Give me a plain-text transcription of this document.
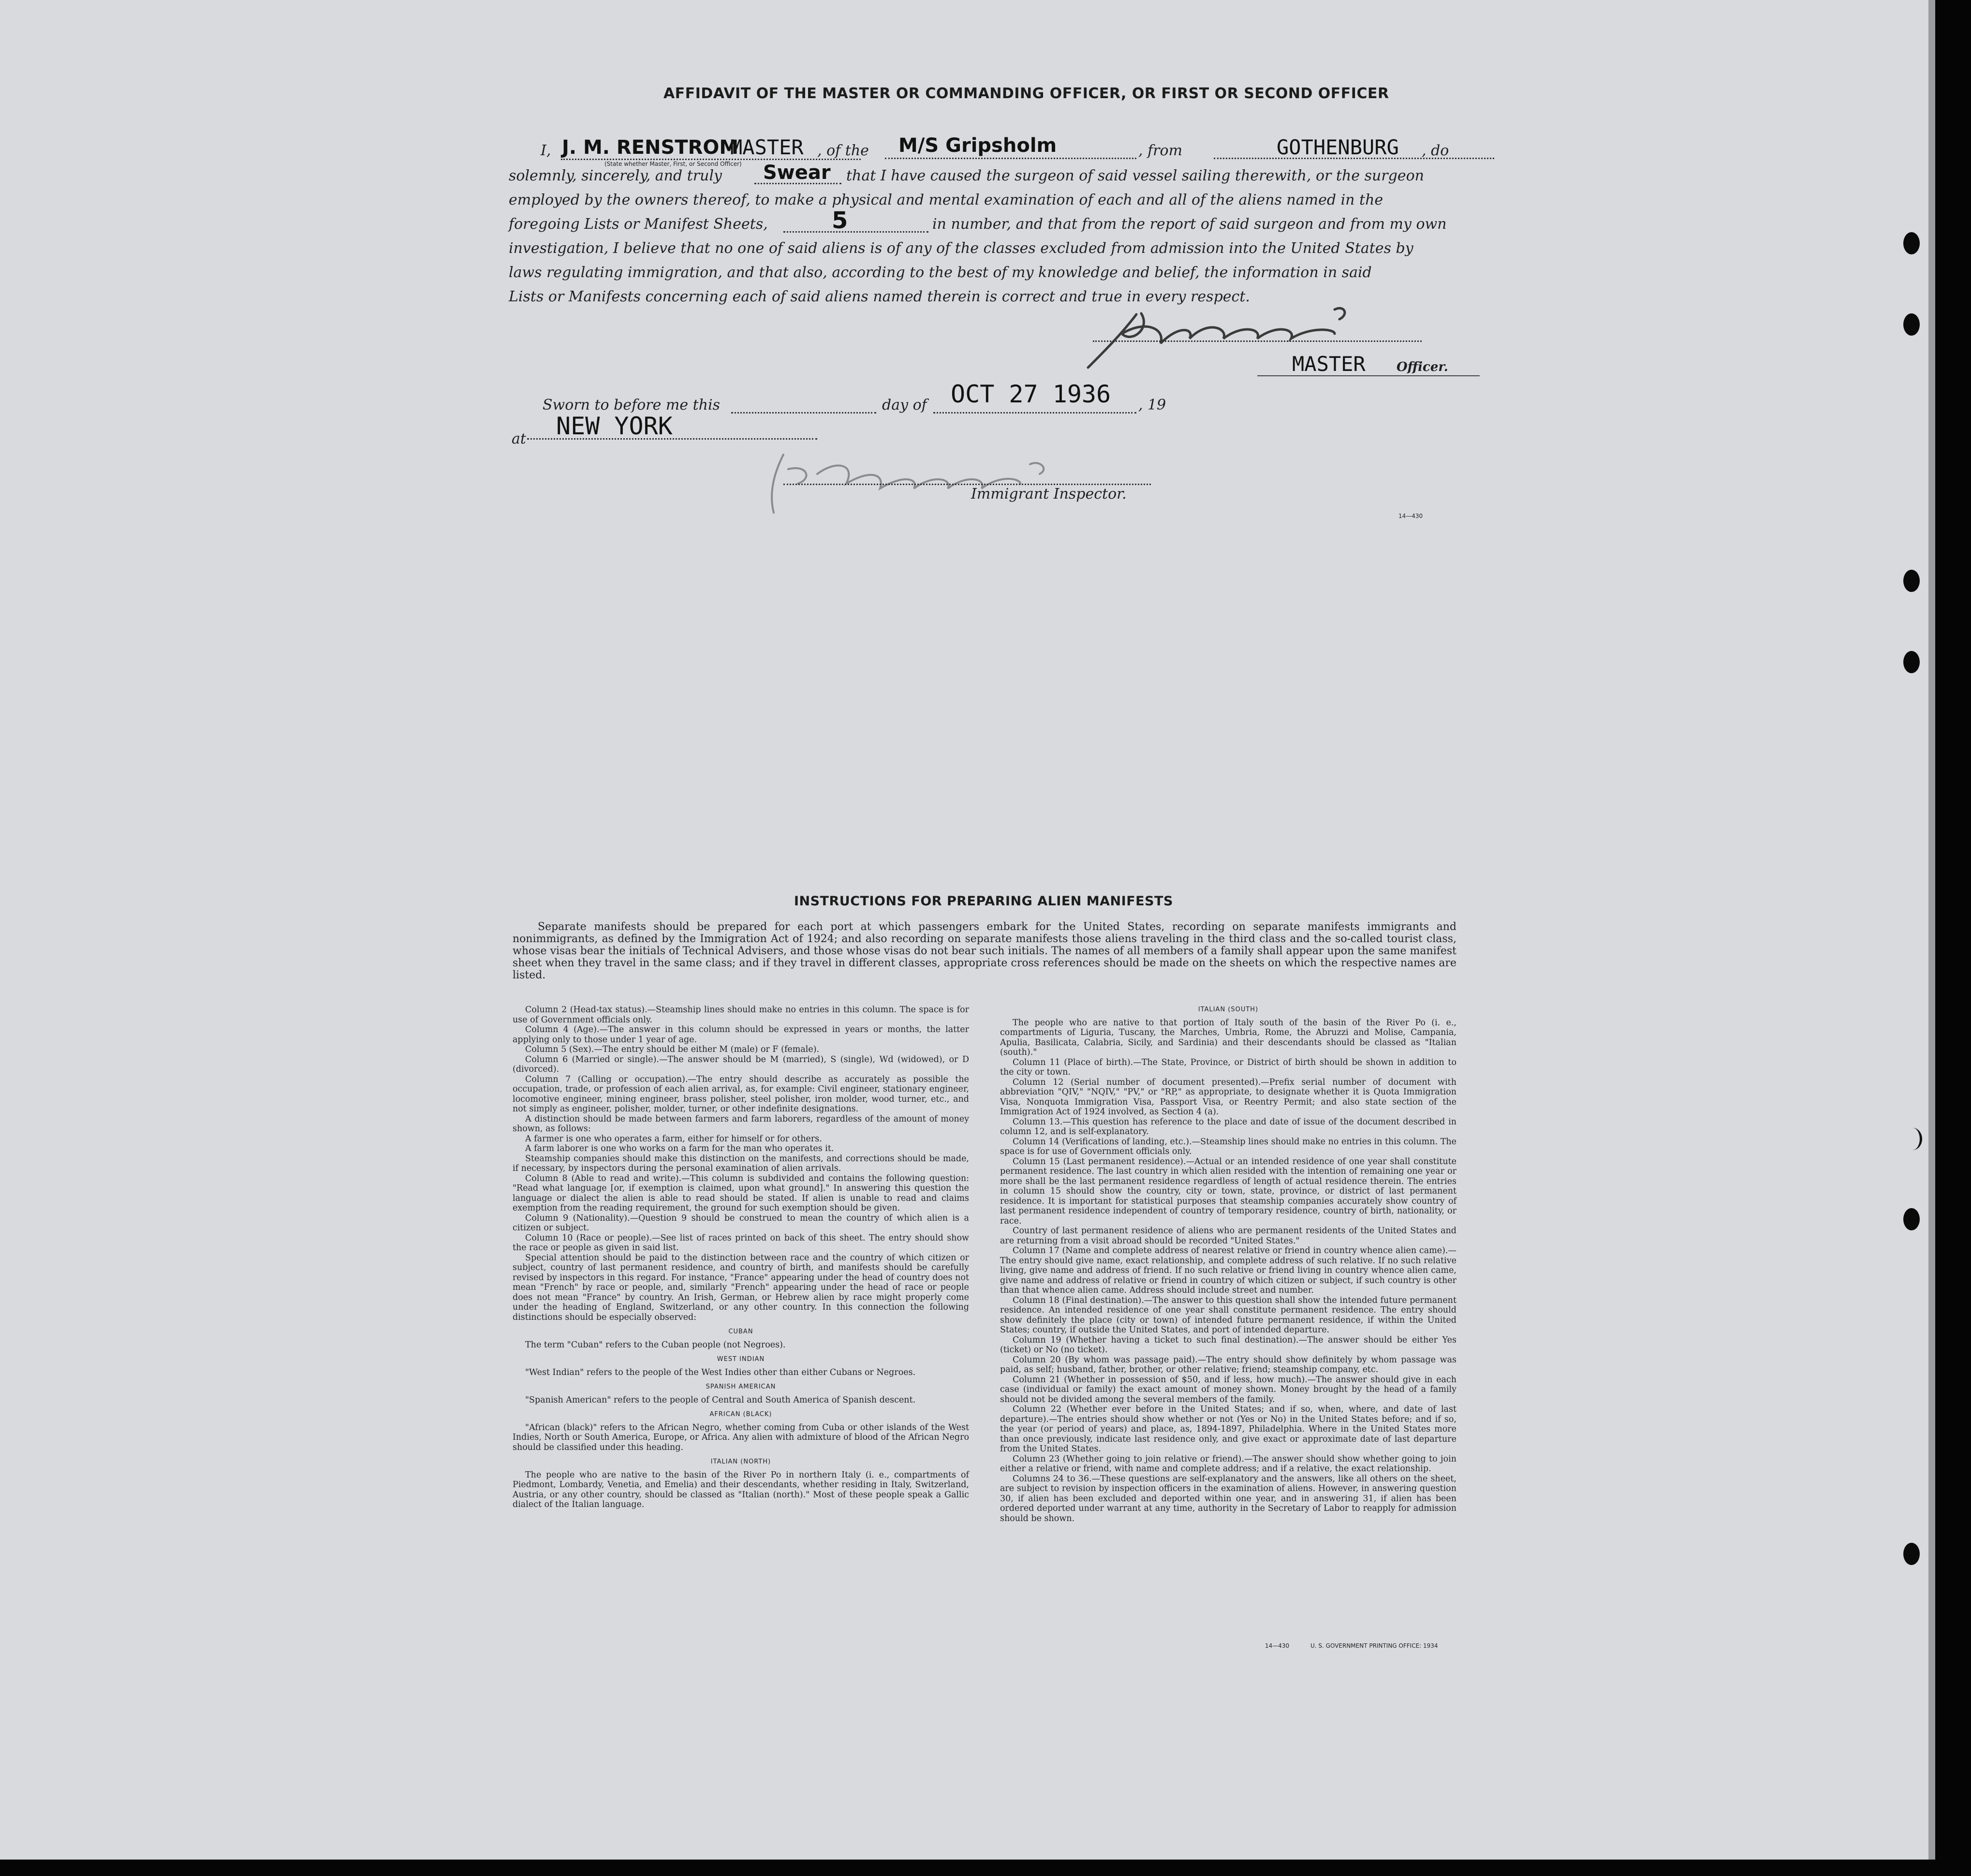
AFFIDAVIT OF THE MASTER OR COMMANDING OFFICER, OR FIRST OR SECOND OFFICER
I, J. M. RENSTROM
MASTER
(State whether Master, First, or Second Officer)
, of the M/S Gripsholm	, from	GOTHENBURG , do
solemnly, sincerely, and truly Swear that I have caused the surgeon of said vessel sailing therewith, or the surgeon
employed by the owners thereof, to make a physical and mental examination of each and all of the aliens named in the
foregoing Lists or Manifest Sheets,	5	in number, and that from the report of said surgeon and from my own
investigation, I believe that no one of said aliens is of any of the classes excluded from admission into the United States by
laws regulating immigration, and that also, according to the best of my knowledge and belief, the information in said
Lists or Manifests concerning each of said aliens named therein is correct and true in every respect.
MASTER Officer.
Sworn to before me this	day of OCT 27 1936 , 19
at NEW YORK
Immigrant Inspector.
14—430
INSTRUCTIONS FOR PREPARING ALIEN MANIFESTS
Separate manifests should be prepared for each port at which passengers embark for the United States, recording on separate manifests immigrants and nonimmigrants, as defined by the Immigration Act of 1924; and also recording on separate manifests those aliens traveling in the third class and the so-called tourist class, whose visas bear the initials of Technical Advisers, and those whose visas do not bear such initials. The names of all members of a family shall appear upon the same manifest sheet when they travel in the same class; and if they travel in different classes, appropriate cross references should be made on the sheets on which the respective names are listed.

Column 2 (Head-tax status).—Steamship lines should make no entries in this column. The space is for use of Government officials only.

Column 4 (Age).—The answer in this column should be expressed in years or months, the latter applying only to those under 1 year of age.

Column 5 (Sex).—The entry should be either M (male) or F (female).

Column 6 (Married or single).—The answer should be M (married), S (single), Wd (widowed), or D (divorced).

Column 7 (Calling or occupation).—The entry should describe as accurately as possible the occupation, trade, or profession of each alien arrival, as, for example: Civil engineer, stationary engineer, locomotive engineer, mining engineer, brass polisher, steel polisher, iron molder, wood turner, etc., and not simply as engineer, polisher, molder, turner, or other indefinite designations.

A distinction should be made between farmers and farm laborers, regardless of the amount of money shown, as follows:

A farmer is one who operates a farm, either for himself or for others.

A farm laborer is one who works on a farm for the man who operates it.

Steamship companies should make this distinction on the manifests, and corrections should be made, if necessary, by inspectors during the personal examination of alien arrivals.

Column 8 (Able to read and write).—This column is subdivided and contains the following question: "Read what language [or, if exemption is claimed, upon what ground]." In answering this question the language or dialect the alien is able to read should be stated. If alien is unable to read and claims exemption from the reading requirement, the ground for such exemption should be given.

Column 9 (Nationality).—Question 9 should be construed to mean the country of which alien is a citizen or subject.

Column 10 (Race or people).—See list of races printed on back of this sheet. The entry should show the race or people as given in said list.

Special attention should be paid to the distinction between race and the country of which citizen or subject, country of last permanent residence, and country of birth, and manifests should be carefully revised by inspectors in this regard. For instance, "France" appearing under the head of country does not mean "French" by race or people, and, similarly "French" appearing under the head of race or people does not mean "France" by country. An Irish, German, or Hebrew alien by race might properly come under the heading of England, Switzerland, or any other country. In this connection the following distinctions should be especially observed:

CUBAN

The term "Cuban" refers to the Cuban people (not Negroes).

WEST INDIAN

"West Indian" refers to the people of the West Indies other than either Cubans or Negroes.

SPANISH AMERICAN

"Spanish American" refers to the people of Central and South America of Spanish descent.

AFRICAN (BLACK)

"African (black)" refers to the African Negro, whether coming from Cuba or other islands of the West Indies, North or South America, Europe, or Africa. Any alien with admixture of blood of the African Negro should be classified under this heading.

ITALIAN (NORTH)

The people who are native to the basin of the River Po in northern Italy (i. e., compartments of Piedmont, Lombardy, Venetia, and Emelia) and their descendants, whether residing in Italy, Switzerland, Austria, or any other country, should be classed as "Italian (north)." Most of these people speak a Gallic dialect of the Italian language.

ITALIAN (SOUTH)

The people who are native to that portion of Italy south of the basin of the River Po (i. e., compartments of Liguria, Tuscany, the Marches, Umbria, Rome, the Abruzzi and Molise, Campania, Apulia, Basilicata, Calabria, Sicily, and Sardinia) and their descendants should be classed as "Italian (south)."

Column 11 (Place of birth).—The State, Province, or District of birth should be shown in addition to the city or town.

Column 12 (Serial number of document presented).—Prefix serial number of document with abbreviation "QIV," "NQIV," "PV," or "RP," as appropriate, to designate whether it is Quota Immigration Visa, Nonquota Immigration Visa, Passport Visa, or Reentry Permit; and also state section of the Immigration Act of 1924 involved, as Section 4 (a).

Column 13.—This question has reference to the place and date of issue of the document described in column 12, and is self-explanatory.

Column 14 (Verifications of landing, etc.).—Steamship lines should make no entries in this column. The space is for use of Government officials only.

Column 15 (Last permanent residence).—Actual or an intended residence of one year shall constitute permanent residence. The last country in which alien resided with the intention of remaining one year or more shall be the last permanent residence regardless of length of actual residence therein. The entries in column 15 should show the country, city or town, state, province, or district of last permanent residence. It is important for statistical purposes that steamship companies accurately show country of last permanent residence independent of country of temporary residence, country of birth, nationality, or race.

Country of last permanent residence of aliens who are permanent residents of the United States and are returning from a visit abroad should be recorded "United States."

Column 17 (Name and complete address of nearest relative or friend in country whence alien came).—The entry should give name, exact relationship, and complete address of such relative. If no such relative living, give name and address of friend. If no such relative or friend living in country whence alien came, give name and address of relative or friend in country of which citizen or subject, if such country is other than that whence alien came. Address should include street and number.

Column 18 (Final destination).—The answer to this question shall show the intended future permanent residence. An intended residence of one year shall constitute permanent residence. The entry should show definitely the place (city or town) of intended future permanent residence, if within the United States; country, if outside the United States, and port of intended departure.

Column 19 (Whether having a ticket to such final destination).—The answer should be either Yes (ticket) or No (no ticket).

Column 20 (By whom was passage paid).—The entry should show definitely by whom passage was paid, as self; husband, father, brother, or other relative; friend; steamship company, etc.

Column 21 (Whether in possession of $50, and if less, how much).—The answer should give in each case (individual or family) the exact amount of money shown. Money brought by the head of a family should not be divided among the several members of the family.

Column 22 (Whether ever before in the United States; and if so, when, where, and date of last departure).—The entries should show whether or not (Yes or No) in the United States before; and if so, the year (or period of years) and place, as, 1894-1897, Philadelphia. Where in the United States more than once previously, indicate last residence only, and give exact or approximate date of last departure from the United States.

Column 23 (Whether going to join relative or friend).—The answer should show whether going to join either a relative or friend, with name and complete address; and if a relative, the exact relationship.

Columns 24 to 36.—These questions are self-explanatory and the answers, like all others on the sheet, are subject to revision by inspection officers in the examination of aliens. However, in answering question 30, if alien has been excluded and deported within one year, and in answering 31, if alien has been ordered deported under warrant at any time, authority in the Secretary of Labor to reapply for admission should be shown.

14—430	U. S. GOVERNMENT PRINTING OFFICE: 1934
